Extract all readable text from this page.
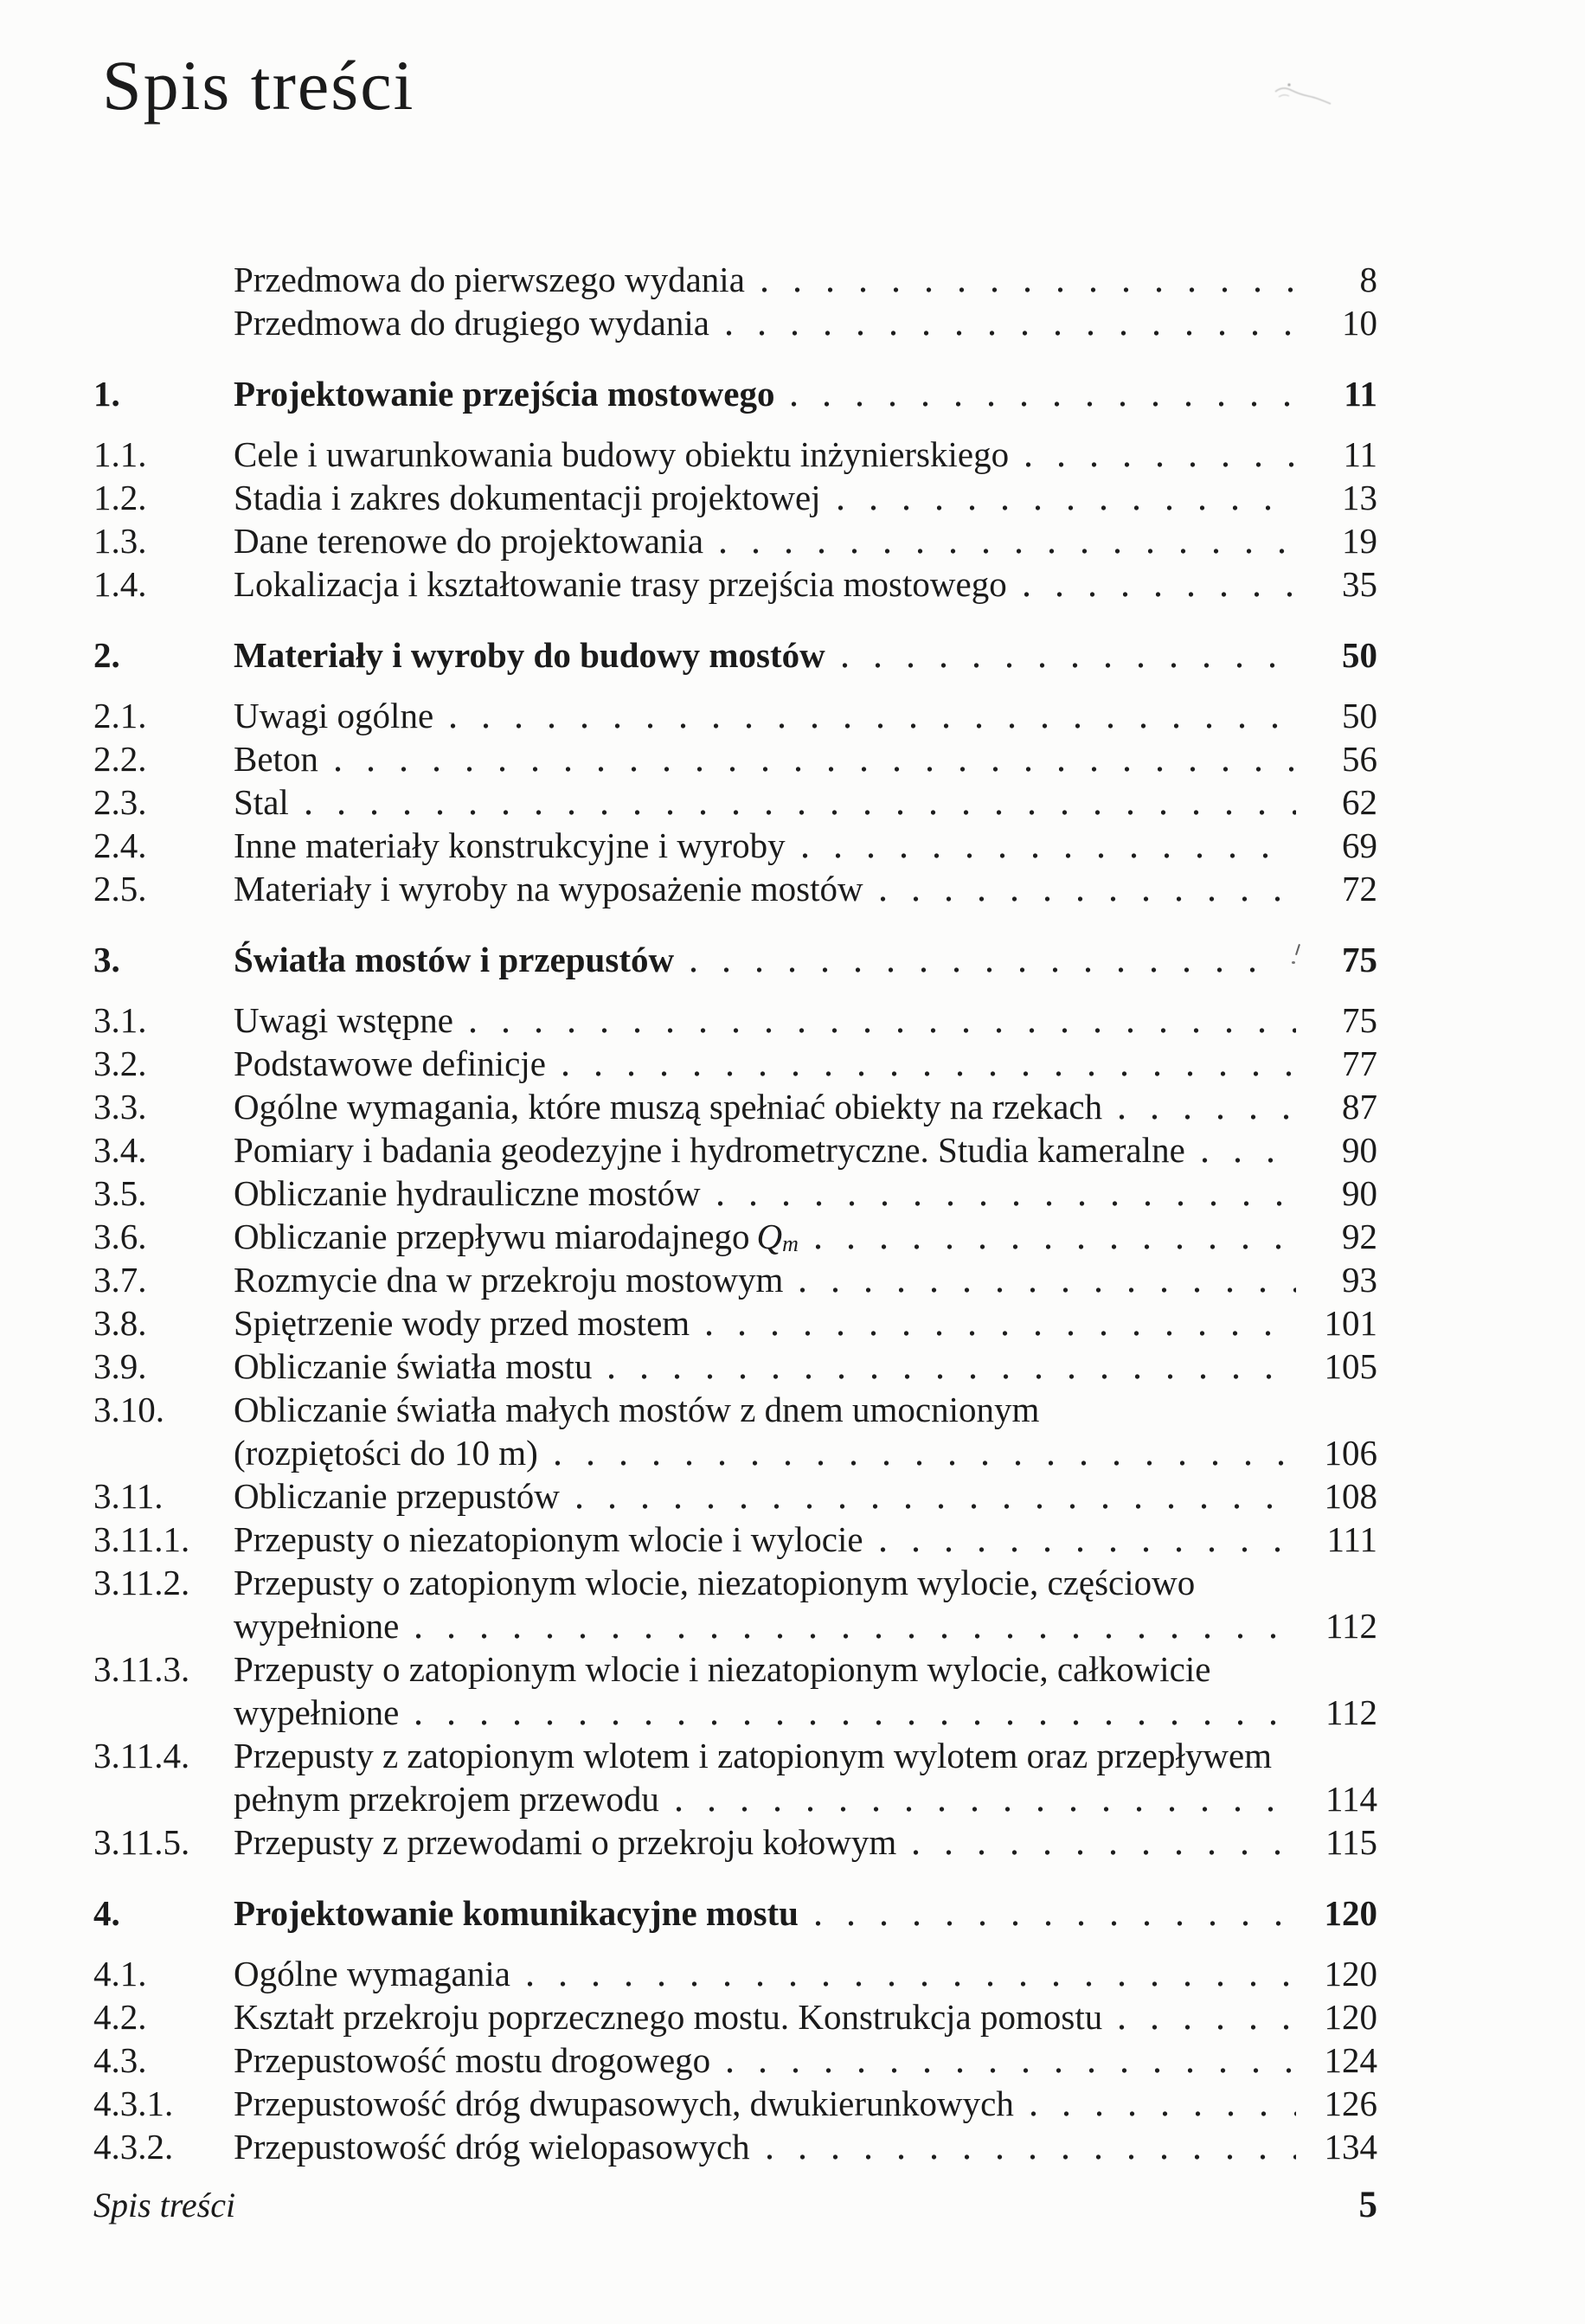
Spis treści
Przedmowa do pierwszego wydania	8
Przedmowa do drugiego wydania	10
1.	Projektowanie przejścia mostowego	11
1.1.	Cele i uwarunkowania budowy obiektu inżynierskiego	11
1.2.	Stadia i zakres dokumentacji projektowej	13
1.3.	Dane terenowe do projektowania	19
1.4.	Lokalizacja i kształtowanie trasy przejścia mostowego	35
2.	Materiały i wyroby do budowy mostów	50
2.1.	Uwagi ogólne	50
2.2.	Beton	56
2.3.	Stal	62
2.4.	Inne materiały konstrukcyjne i wyroby	69
2.5.	Materiały i wyroby na wyposażenie mostów	72
3.	Światła mostów i przepustów	75
3.1.	Uwagi wstępne	75
3.2.	Podstawowe definicje	77
3.3.	Ogólne wymagania, które muszą spełniać obiekty na rzekach	87
3.4.	Pomiary i badania geodezyjne i hydrometryczne. Studia kameralne	90
3.5.	Obliczanie hydrauliczne mostów	90
3.6.	Obliczanie przepływu miarodajnego Q m	92
3.7.	Rozmycie dna w przekroju mostowym	93
3.8.	Spiętrzenie wody przed mostem	101
3.9.	Obliczanie światła mostu	105
3.10.	Obliczanie światła małych mostów z dnem umocnionym
(rozpiętości do 10 m)	106
3.11.	Obliczanie przepustów	108
3.11.1.	Przepusty o niezatopionym wlocie i wylocie	111
3.11.2.	Przepusty o zatopionym wlocie, niezatopionym wylocie, częściowo
wypełnione	112
3.11.3.	Przepusty o zatopionym wlocie i niezatopionym wylocie, całkowicie
wypełnione	112
3.11.4.	Przepusty z zatopionym wlotem i zatopionym wylotem oraz przepływem
pełnym przekrojem przewodu	114
3.11.5.	Przepusty z przewodami o przekroju kołowym	115
4.	Projektowanie komunikacyjne mostu	120
4.1.	Ogólne wymagania	120
4.2.	Kształt przekroju poprzecznego mostu. Konstrukcja pomostu	120
4.3.	Przepustowość mostu drogowego	124
4.3.1.	Przepustowość dróg dwupasowych, dwukierunkowych	126
4.3.2.	Przepustowość dróg wielopasowych	134
Spis treści	5
